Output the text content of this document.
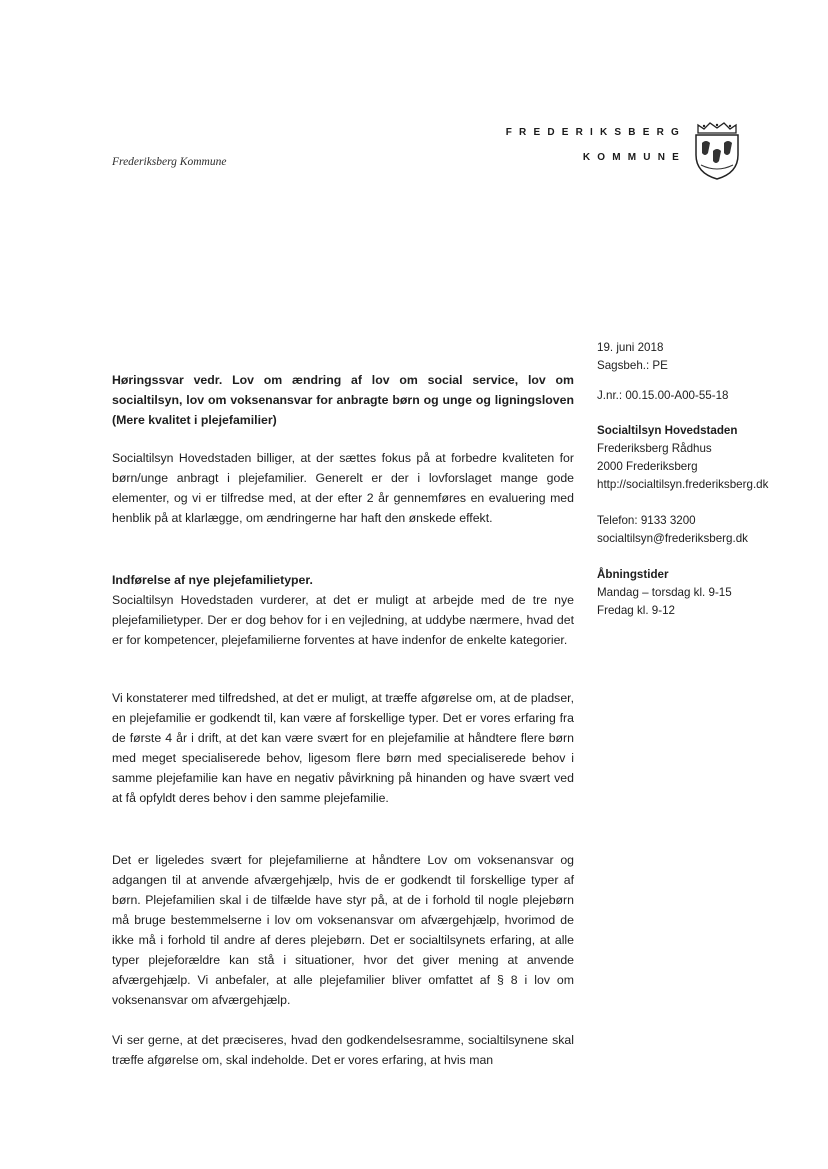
Frederiksberg Kommune
FREDERIKSBERG
KOMMUNE
19. juni 2018
Sagsbeh.: PE
J.nr.: 00.15.00-A00-55-18
Socialtilsyn Hovedstaden
Frederiksberg Rådhus
2000 Frederiksberg
http://socialtilsyn.frederiksberg.dk
Telefon: 9133 3200
socialtilsyn@frederiksberg.dk
Åbningstider
Mandag – torsdag kl. 9-15
Fredag kl. 9-12
Høringssvar vedr. Lov om ændring af lov om social service, lov om socialtilsyn, lov om voksenansvar for anbragte børn og unge og ligningsloven (Mere kvalitet i plejefamilier)
Socialtilsyn Hovedstaden billiger, at der sættes fokus på at forbedre kvaliteten for børn/unge anbragt i plejefamilier. Generelt er der i lovforslaget mange gode elementer, og vi er tilfredse med, at der efter 2 år gennemføres en evaluering med henblik på at klarlægge, om ændringerne har haft den ønskede effekt.
Indførelse af nye plejefamilietyper.
Socialtilsyn Hovedstaden vurderer, at det er muligt at arbejde med de tre nye plejefamilietyper. Der er dog behov for i en vejledning, at uddybe nærmere, hvad det er for kompetencer, plejefamilierne forventes at have indenfor de enkelte kategorier.
Vi konstaterer med tilfredshed, at det er muligt, at træffe afgørelse om, at de pladser, en plejefamilie er godkendt til, kan være af forskellige typer. Det er vores erfaring fra de første 4 år i drift, at det kan være svært for en plejefamilie at håndtere flere børn med meget specialiserede behov, ligesom flere børn med specialiserede behov i samme plejefamilie kan have en negativ påvirkning på hinanden og have svært ved at få opfyldt deres behov i den samme plejefamilie.
Det er ligeledes svært for plejefamilierne at håndtere Lov om voksenansvar og adgangen til at anvende afværgehjælp, hvis de er godkendt til forskellige typer af børn. Plejefamilien skal i de tilfælde have styr på, at de i forhold til nogle plejebørn må bruge bestemmelserne i lov om voksenansvar om afværgehjælp, hvorimod de ikke må i forhold til andre af deres plejebørn. Det er socialtilsynets erfaring, at alle typer plejeforældre kan stå i situationer, hvor det giver mening at anvende afværgehjælp. Vi anbefaler, at alle plejefamilier bliver omfattet af § 8 i lov om voksenansvar om afværgehjælp.
Vi ser gerne, at det præciseres, hvad den godkendelsesramme, socialtilsynene skal træffe afgørelse om, skal indeholde. Det er vores erfaring, at hvis man
